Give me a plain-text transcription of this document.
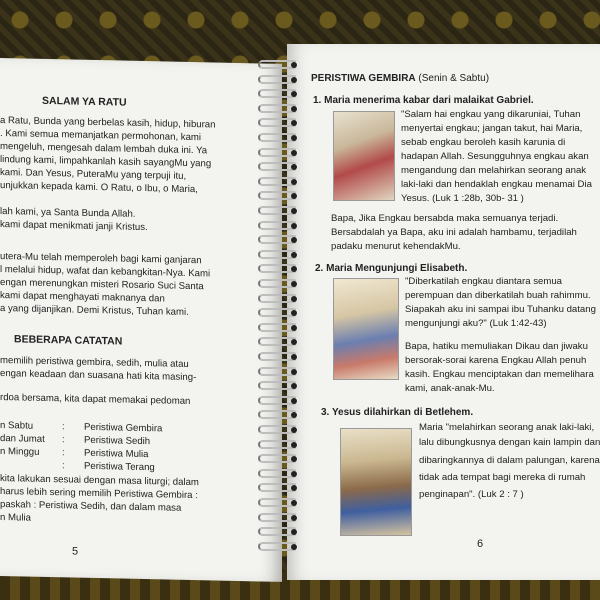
SALAM YA RATU
a Ratu, Bunda yang berbelas kasih, hidup, hiburan
. Kami semua memanjatkan permohonan, kami
mengeluh, mengesah dalam lembah duka ini. Ya
lindung kami, limpahkanlah kasih sayangMu yang
kami. Dan Yesus, PuteraMu yang terpuji itu,
unjukkan kepada kami. O Ratu, o Ibu, o Maria,
lah kami, ya Santa Bunda Allah.
kami dapat menikmati janji Kristus.
utera-Mu telah memperoleh bagi kami ganjaran
l melalui hidup, wafat dan kebangkitan-Nya. Kami
engan merenungkan misteri Rosario Suci Santa
kami dapat menghayati maknanya dan
a yang dijanjikan. Demi Kristus, Tuhan kami.
BEBERAPA CATATAN
memilih peristiwa gembira, sedih, mulia atau
engan keadaan dan suasana hati kita masing-
rdoa bersama, kita dapat memakai pedoman
n Sabtu	: Peristiwa Gembira
dan Jumat : Peristiwa Sedih
n Minggu : Peristiwa Mulia
: Peristiwa Terang
kita lakukan sesuai dengan masa liturgi; dalam
harus lebih sering memilih Peristiwa Gembira :
paskah : Peristiwa Sedih, dan dalam masa
n Mulia
5
PERISTIWA GEMBIRA (Senin & Sabtu)
1. Maria menerima kabar dari malaikat Gabriel.
"Salam hai engkau yang dikaruniai, Tuhan
menyertai engkau; jangan takut, hai Maria,
sebab engkau beroleh kasih karunia di
hadapan Allah. Sesungguhnya engkau akan
mengandung dan melahirkan seorang anak
laki-laki dan hendaklah engkau menamai Dia
Yesus. (Luk 1 :28b, 30b- 31 )
Bapa, Jika Engkau bersabda maka semuanya terjadi.
Bersabdalah ya Bapa, aku ini adalah hambamu, terjadilah
padaku menurut kehendakMu.
2. Maria Mengunjungi Elisabeth.
"Diberkatilah engkau diantara semua
perempuan dan diberkatilah buah rahimmu.
Siapakah aku ini sampai ibu Tuhanku datang
mengunjungi aku?" (Luk 1:42-43)
Bapa, hatiku memuliakan Dikau dan jiwaku
bersorak-sorai karena Engkau Allah penuh
kasih. Engkau menciptakan dan memelihara
kami, anak-anak-Mu.
3. Yesus dilahirkan di Betlehem.
Maria "melahirkan seorang anak laki-laki,
lalu dibungkusnya dengan kain lampin dan
dibaringkannya di dalam palungan, karena
tidak ada tempat bagi mereka di rumah
penginapan". (Luk 2 : 7 )
6
